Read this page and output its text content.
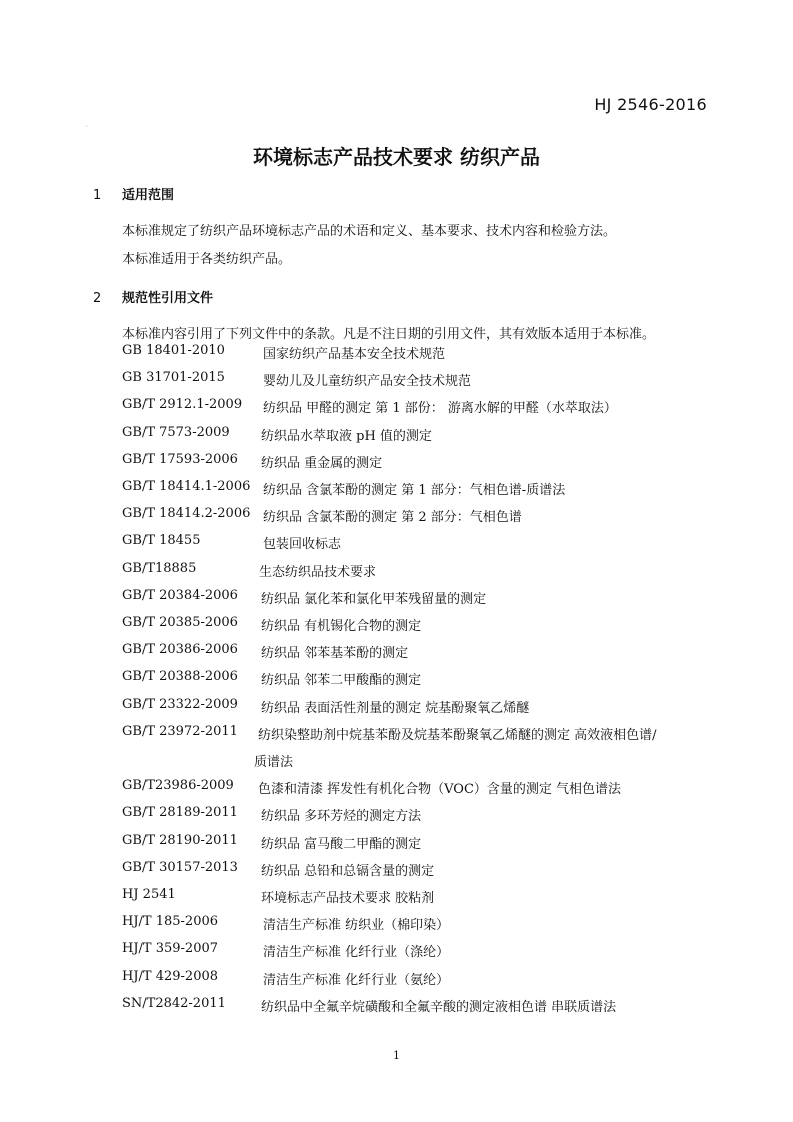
HJ 2546-2016
·
环境标志产品技术要求 纺织产品
1 适用范围
本标准规定了纺织产品环境标志产品的术语和定义、基本要求、技术内容和检验方法。
本标准适用于各类纺织产品。
2 规范性引用文件
本标准内容引用了下列文件中的条款。凡是不注日期的引用文件，其有效版本适用于本标准。
GB 18401-2010	国家纺织产品基本安全技术规范
GB 31701-2015	婴幼儿及儿童纺织产品安全技术规范
GB/T 2912.1-2009 纺织品 甲醛的测定 第 1 部份： 游离水解的甲醛（水萃取法）
GB/T 7573-2009 纺织品水萃取液 pH 值的测定
GB/T 17593-2006 纺织品 重金属的测定
GB/T 18414.1-2006 纺织品 含氯苯酚的测定 第 1 部分：气相色谱-质谱法
GB/T 18414.2-2006 纺织品 含氯苯酚的测定 第 2 部分：气相色谱
GB/T 18455	包装回收标志
GB/T18885	生态纺织品技术要求
GB/T 20384-2006 纺织品 氯化苯和氯化甲苯残留量的测定
GB/T 20385-2006 纺织品 有机锡化合物的测定
GB/T 20386-2006 纺织品 邻苯基苯酚的测定
GB/T 20388-2006 纺织品 邻苯二甲酸酯的测定
GB/T 23322-2009 纺织品 表面活性剂量的测定 烷基酚聚氧乙烯醚
GB/T 23972-2011 纺织染整助剂中烷基苯酚及烷基苯酚聚氧乙烯醚的测定 高效液相色谱/
质谱法
GB/T23986-2009 色漆和清漆 挥发性有机化合物（VOC）含量的测定 气相色谱法
GB/T 28189-2011 纺织品 多环芳烃的测定方法
GB/T 28190-2011 纺织品 富马酸二甲酯的测定
GB/T 30157-2013 纺织品 总铅和总镉含量的测定
HJ 2541	环境标志产品技术要求 胶粘剂
HJ/T 185-2006	清洁生产标准 纺织业（棉印染）
HJ/T 359-2007	清洁生产标准 化纤行业（涤纶）
HJ/T 429-2008	清洁生产标准 化纤行业（氨纶）
SN/T2842-2011	纺织品中全氟辛烷磺酸和全氟辛酸的测定液相色谱 串联质谱法
1
